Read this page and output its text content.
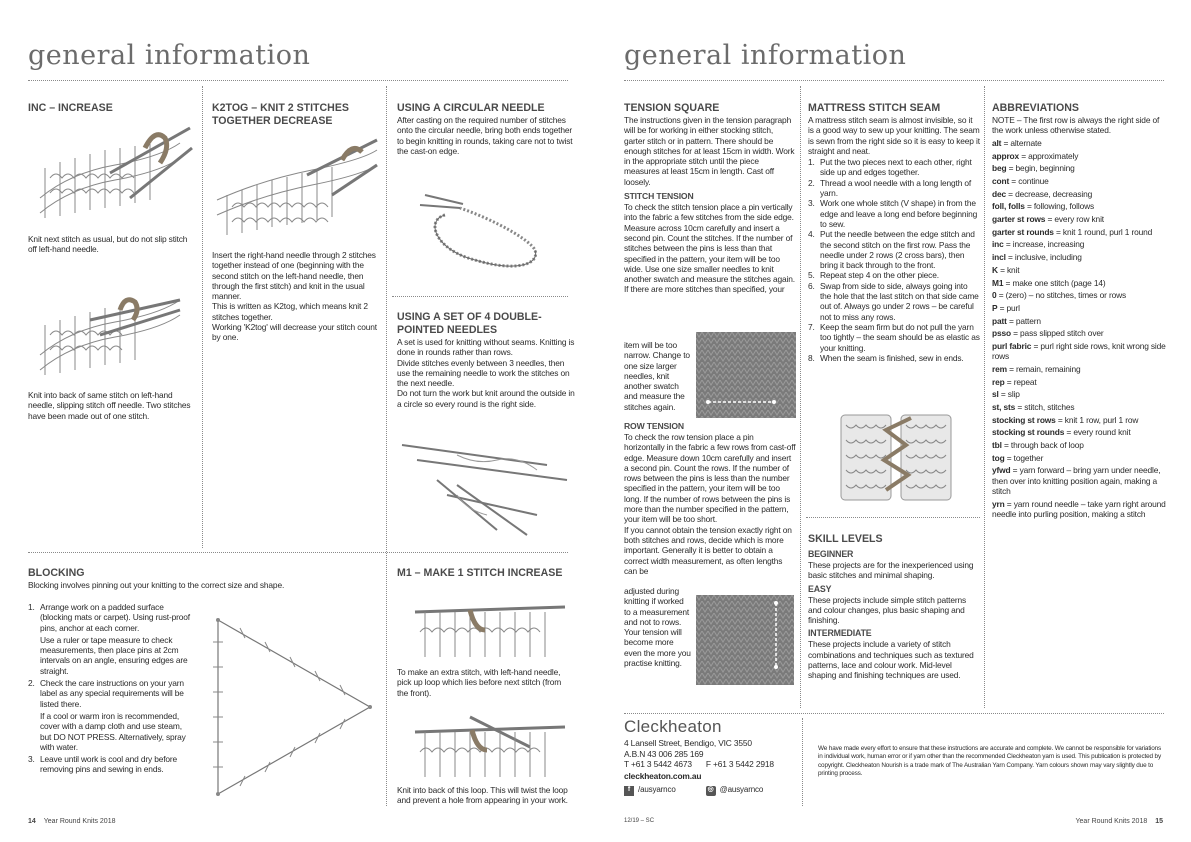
general information
INC – INCREASE

Knit next stitch as usual, but do not slip stitch off left-hand needle.

Knit into back of same stitch on left-hand needle, slipping stitch off needle. Two stitches have been made out of one stitch.

K2TOG – KNIT 2 STITCHES TOGETHER DECREASE

Insert the right-hand needle through 2 stitches together instead of one (beginning with the second stitch on the left-hand needle, then through the first stitch) and knit in the usual manner.

This is written as K2tog, which means knit 2 stitches together.

Working 'K2tog' will decrease your stitch count by one.

USING A CIRCULAR NEEDLE

After casting on the required number of stitches onto the circular needle, bring both ends together to begin knitting in rounds, taking care not to twist the cast-on edge.

USING A SET OF 4 DOUBLE-POINTED NEEDLES

A set is used for knitting without seams. Knitting is done in rounds rather than rows.

Divide stitches evenly between 3 needles, then use the remaining needle to work the stitches on the next needle.

Do not turn the work but knit around the outside in a circle so every round is the right side.

BLOCKING

Blocking involves pinning out your knitting to the correct size and shape.

1. Arrange work on a padded surface (blocking mats or carpet). Using rust-proof pins, anchor at each corner.
Use a ruler or tape measure to check measurements, then place pins at 2cm intervals on an angle, ensuring edges are straight.
2. Check the care instructions on your yarn label as any special requirements will be listed there.
If a cool or warm iron is recommended, cover with a damp cloth and use steam, but DO NOT PRESS. Alternatively, spray with water.
3. Leave until work is cool and dry before removing pins and sewing in ends.
M1 – MAKE 1 STITCH INCREASE

To make an extra stitch, with left-hand needle, pick up loop which lies before next stitch (from the front).

Knit into back of this loop. This will twist the loop and prevent a hole from appearing in your work.

14 Year Round Knits 2018
general information
TENSION SQUARE

The instructions given in the tension paragraph will be for working in either stocking stitch, garter stitch or in pattern. There should be enough stitches for at least 15cm in width. Work in the appropriate stitch until the piece measures at least 15cm in length. Cast off loosely.

STITCH TENSION

To check the stitch tension place a pin vertically into the fabric a few stitches from the side edge. Measure across 10cm carefully and insert a second pin. Count the stitches. If the number of stitches between the pins is less than that specified in the pattern, your item will be too wide. Use one size smaller needles to knit another swatch and measure the stitches again. If there are more stitches than specified, your

item will be too narrow. Change to one size larger needles, knit another swatch and measure the stitches again.

ROW TENSION

To check the row tension place a pin horizontally in the fabric a few rows from cast-off edge. Measure down 10cm carefully and insert a second pin. Count the rows. If the number of rows between the pins is less than the number specified in the pattern, your item will be too long. If the number of rows between the pins is more than the number specified in the pattern, your item will be too short.

If you cannot obtain the tension exactly right on both stitches and rows, decide which is more important. Generally it is better to obtain a correct width measurement, as often lengths can be

adjusted during knitting if worked to a measurement and not to rows. Your tension will become more even the more you practise knitting.

MATTRESS STITCH SEAM

A mattress stitch seam is almost invisible, so it is a good way to sew up your knitting. The seam is sewn from the right side so it is easy to keep it straight and neat.

1. Put the two pieces next to each other, right side up and edges together.
2. Thread a wool needle with a long length of yarn.
3. Work one whole stitch (V shape) in from the edge and leave a long end before beginning to sew.
4. Put the needle between the edge stitch and the second stitch on the first row. Pass the needle under 2 rows (2 cross bars), then bring it back through to the front.
5. Repeat step 4 on the other piece.
6. Swap from side to side, always going into the hole that the last stitch on that side came out of. Always go under 2 rows – be careful not to miss any rows.
7. Keep the seam firm but do not pull the yarn too tightly – the seam should be as elastic as your knitting.
8. When the seam is finished, sew in ends.
SKILL LEVELS
BEGINNER

These projects are for the inexperienced using basic stitches and minimal shaping.

EASY

These projects include simple stitch patterns and colour changes, plus basic shaping and finishing.

INTERMEDIATE

These projects include a variety of stitch combinations and techniques such as textured patterns, lace and colour work. Mid-level shaping and finishing techniques are used.

ABBREVIATIONS

NOTE – The first row is always the right side of the work unless otherwise stated.

alt = alternate

approx = approximately

beg = begin, beginning

cont = continue

dec = decrease, decreasing

foll, folls = following, follows

garter st rows = every row knit

garter st rounds = knit 1 round, purl 1 round

inc = increase, increasing

incl = inclusive, including

K = knit

M1 = make one stitch (page 14)

0 = (zero) – no stitches, times or rows

P = purl

patt = pattern

psso = pass slipped stitch over

purl fabric = purl right side rows, knit wrong side rows

rem = remain, remaining

rep = repeat

sl = slip

st, sts = stitch, stitches

stocking st rows = knit 1 row, purl 1 row

stocking st rounds = every round knit

tbl = through back of loop

tog = together

yfwd = yarn forward – bring yarn under needle, then over into knitting position again, making a stitch

yrn = yarn round needle – take yarn right around needle into purling position, making a stitch

Cleckheaton

4 Lansell Street, Bendigo, VIC 3550

A.B.N 43 006 285 169

T +61 3 5442 4673 F +61 3 5442 2918

cleckheaton.com.au

f /ausyarnco	◎ @ausyarnco
We have made every effort to ensure that these instructions are accurate and complete. We cannot be responsible for variations in individual work, human error or if yarn other than the recommended Cleckheaton yarn is used. This publication is protected by copyright. Cleckheaton Nourish is a trade mark of The Australian Yarn Company. Yarn colours shown may vary slightly due to printing process.
12/19 – SC	Year Round Knits 2018 15
